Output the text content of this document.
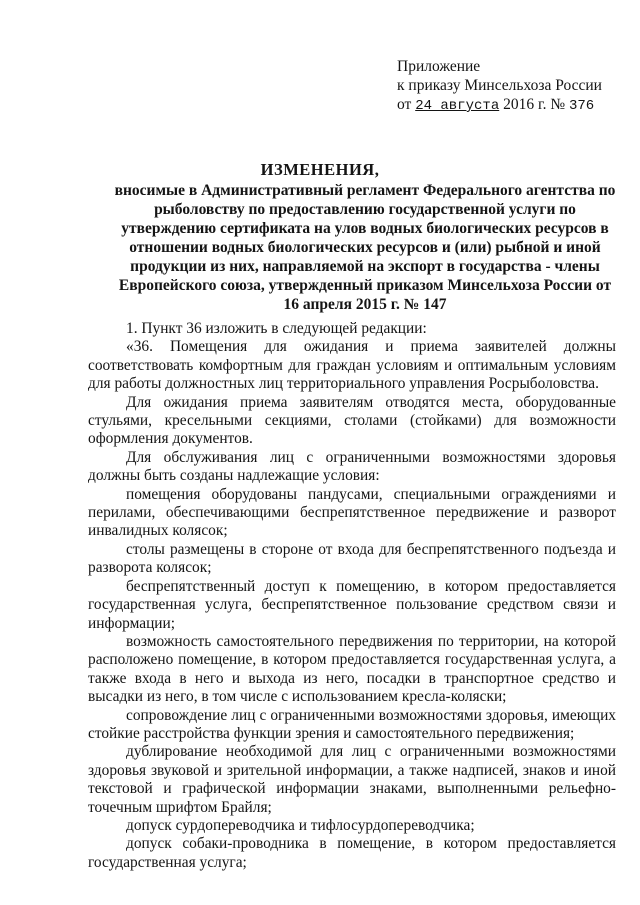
Приложение
к приказу Минсельхоза России
от 24 августа 2016 г. № 376
ИЗМЕНЕНИЯ,

вносимые в Административный регламент Федерального агентства по рыболовству по предоставлению государственной услуги по утверждению сертификата на улов водных биологических ресурсов в отношении водных биологических ресурсов и (или) рыбной и иной продукции из них, направляемой на экспорт в государства - члены Европейского союза, утвержденный приказом Минсельхоза России от 16 апреля 2015 г. № 147

1. Пункт 36 изложить в следующей редакции:

«36. Помещения для ожидания и приема заявителей должны соответствовать комфортным для граждан условиям и оптимальным условиям для работы должностных лиц территориального управления Росрыболовства.

Для ожидания приема заявителям отводятся места, оборудованные стульями, кресельными секциями, столами (стойками) для возможности оформления документов.

Для обслуживания лиц с ограниченными возможностями здоровья должны быть созданы надлежащие условия:

помещения оборудованы пандусами, специальными ограждениями и перилами, обеспечивающими беспрепятственное передвижение и разворот инвалидных колясок;

столы размещены в стороне от входа для беспрепятственного подъезда и разворота колясок;

беспрепятственный доступ к помещению, в котором предоставляется государственная услуга, беспрепятственное пользование средством связи и информации;

возможность самостоятельного передвижения по территории, на которой расположено помещение, в котором предоставляется государственная услуга, а также входа в него и выхода из него, посадки в транспортное средство и высадки из него, в том числе с использованием кресла-коляски;

сопровождение лиц с ограниченными возможностями здоровья, имеющих стойкие расстройства функции зрения и самостоятельного передвижения;

дублирование необходимой для лиц с ограниченными возможностями здоровья звуковой и зрительной информации, а также надписей, знаков и иной текстовой и графической информации знаками, выполненными рельефно-точечным шрифтом Брайля;

допуск сурдопереводчика и тифлосурдопереводчика;

допуск собаки-проводника в помещение, в котором предоставляется государственная услуга;
